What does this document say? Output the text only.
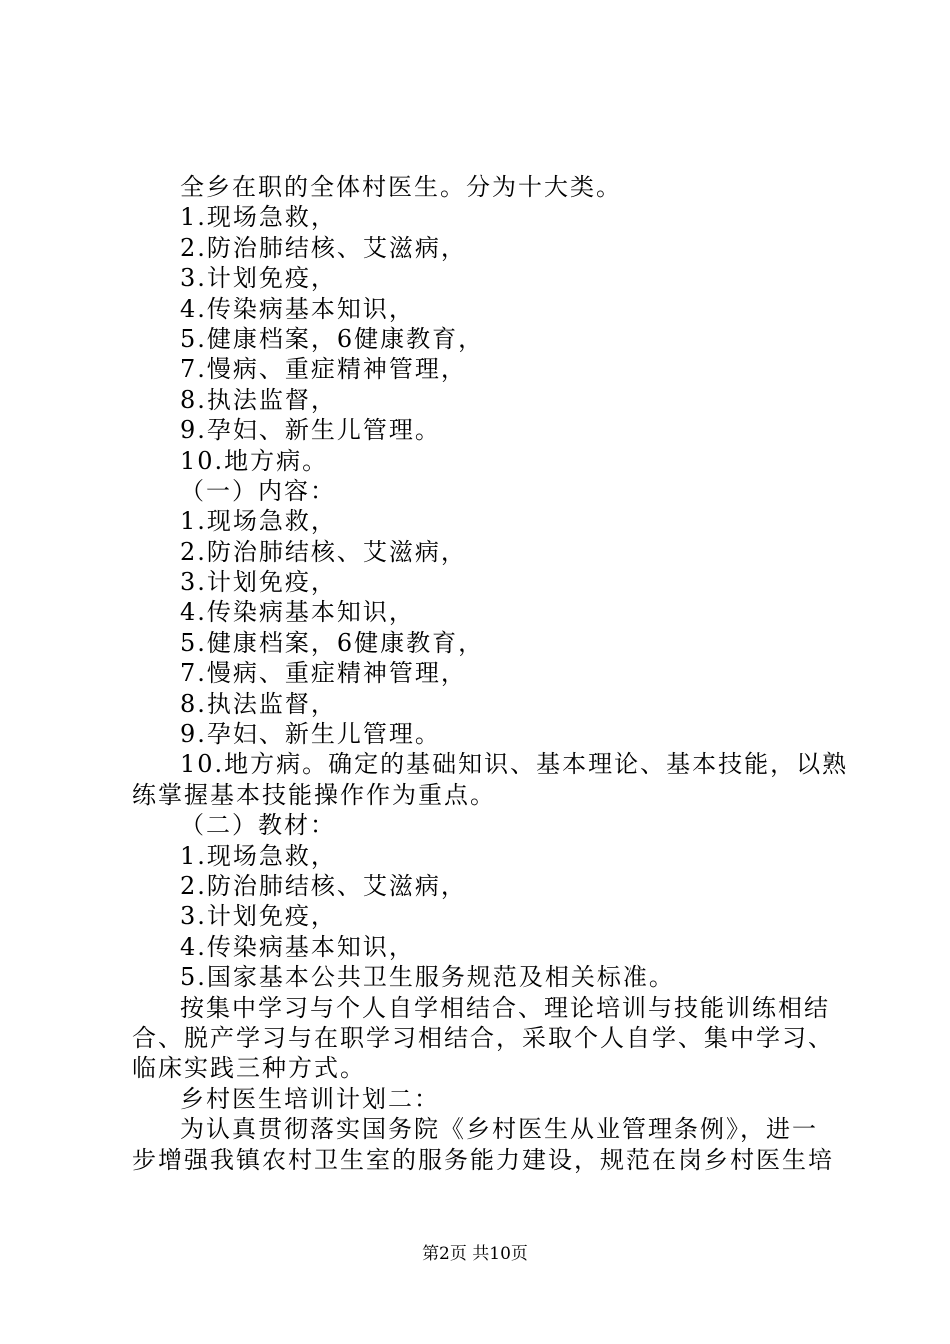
全乡在职的全体村医生。分为十大类。
1.现场急救，
2.防治肺结核、艾滋病，
3.计划免疫，
4.传染病基本知识，
5.健康档案，6健康教育，
7.慢病、重症精神管理，
8.执法监督，
9.孕妇、新生儿管理。
10.地方病。
（一）内容：
1.现场急救，
2.防治肺结核、艾滋病，
3.计划免疫，
4.传染病基本知识，
5.健康档案，6健康教育，
7.慢病、重症精神管理，
8.执法监督，
9.孕妇、新生儿管理。
10.地方病。确定的基础知识、基本理论、基本技能，以熟
练掌握基本技能操作作为重点。
（二）教材：
1.现场急救，
2.防治肺结核、艾滋病，
3.计划免疫，
4.传染病基本知识，
5.国家基本公共卫生服务规范及相关标准。
按集中学习与个人自学相结合、理论培训与技能训练相结
合、脱产学习与在职学习相结合，采取个人自学、集中学习、
临床实践三种方式。
乡村医生培训计划二：
为认真贯彻落实国务院《乡村医生从业管理条例》，进一
步增强我镇农村卫生室的服务能力建设，规范在岗乡村医生培
第2页 共10页
